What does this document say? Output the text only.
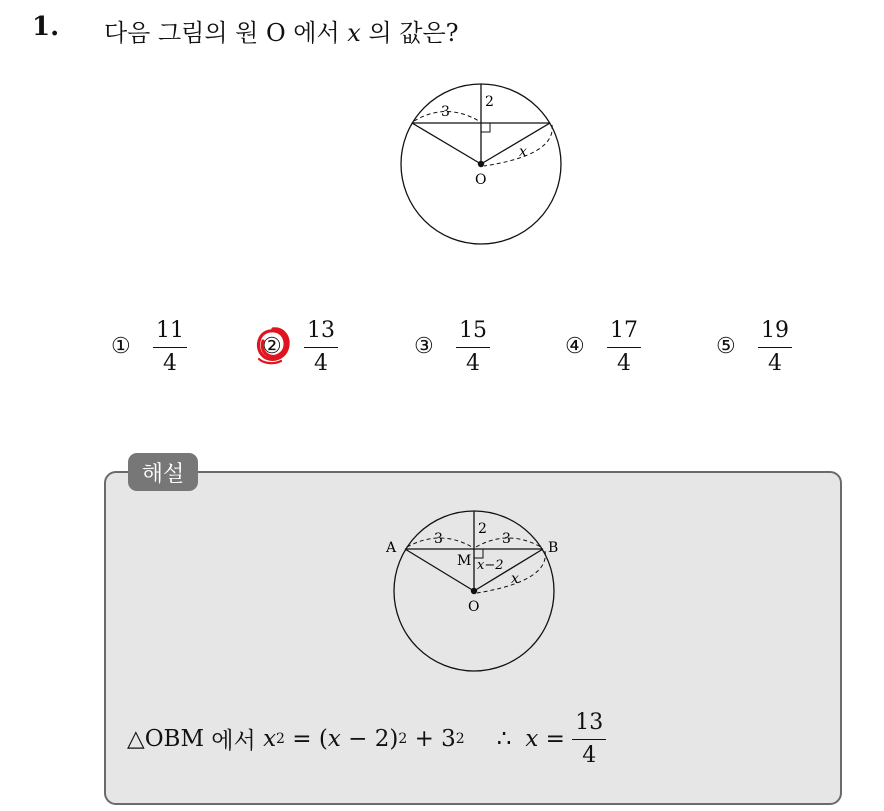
1. 다음 그림의 원 O 에서 x 의 값은?
3
2
x
O
①	$\frac{11}{4}$	②	$\frac{13}{4}$	③	$\frac{15}{4}$	④	$\frac{17}{4}$	⑤	$\frac{19}{4}$
해설
A	B
M
O
3	3
2
x−2
x
△OBM 에서 x 2 = ( x − 2) 2 + 3 2 ∴ $x = \frac{13}{4}$
